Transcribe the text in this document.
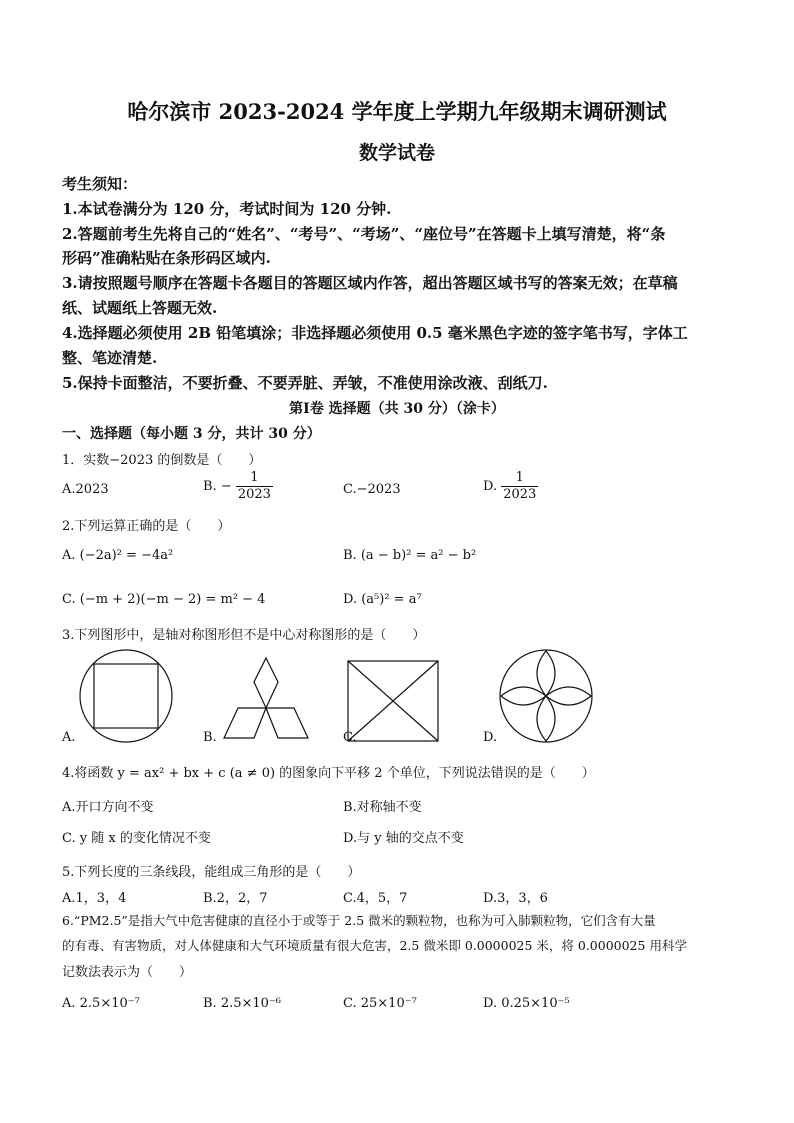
哈尔滨市 2023-2024 学年度上学期九年级期末调研测试
数学试卷
考生须知：
1.本试卷满分为 120 分，考试时间为 120 分钟.
2.答题前考生先将自己的“姓名”、“考号”、“考场”、“座位号”在答题卡上填写清楚，将“条
形码”准确粘贴在条形码区域内.
3.请按照题号顺序在答题卡各题目的答题区域内作答，超出答题区域书写的答案无效；在草稿
纸、试题纸上答题无效.
4.选择题必须使用 2B 铅笔填涂；非选择题必须使用 0.5 毫米黑色字迹的签字笔书写，字体工
整、笔迹清楚.
5.保持卡面整洁，不要折叠、不要弄脏、弄皱，不准使用涂改液、刮纸刀.
第Ⅰ卷 选择题（共 30 分）（涂卡）
一、选择题（每小题 3 分，共计 30 分）
1．实数−2023 的倒数是（　　）
A.2023	B. − $\frac{1}{2023}$	C.−2023	D. $\frac{1}{2023}$
2.下列运算正确的是（　　）
A. (−2a)² = −4a²	B. (a − b)² = a² − b²
C. (−m + 2)(−m − 2) = m² − 4	D. (a⁵)² = a⁷
3.下列图形中，是轴对称图形但不是中心对称图形的是（　　）
A.	B.	C.	D.
4.将函数 y = ax² + bx + c (a ≠ 0) 的图象向下平移 2 个单位，下列说法错误的是（　　）
A.开口方向不变	B.对称轴不变
C. y 随 x 的变化情况不变	D.与 y 轴的交点不变
5.下列长度的三条线段，能组成三角形的是（　　）
A.1，3，4	B.2，2，7	C.4，5，7	D.3，3，6
6.“PM2.5”是指大气中危害健康的直径小于或等于 2.5 微米的颗粒物，也称为可入肺颗粒物，它们含有大量
的有毒、有害物质，对人体健康和大气环境质量有很大危害，2.5 微米即 0.0000025 米，将 0.0000025 用科学
记数法表示为（　　）
A. 2.5×10⁻⁷	B. 2.5×10⁻⁶	C. 25×10⁻⁷	D. 0.25×10⁻⁵
